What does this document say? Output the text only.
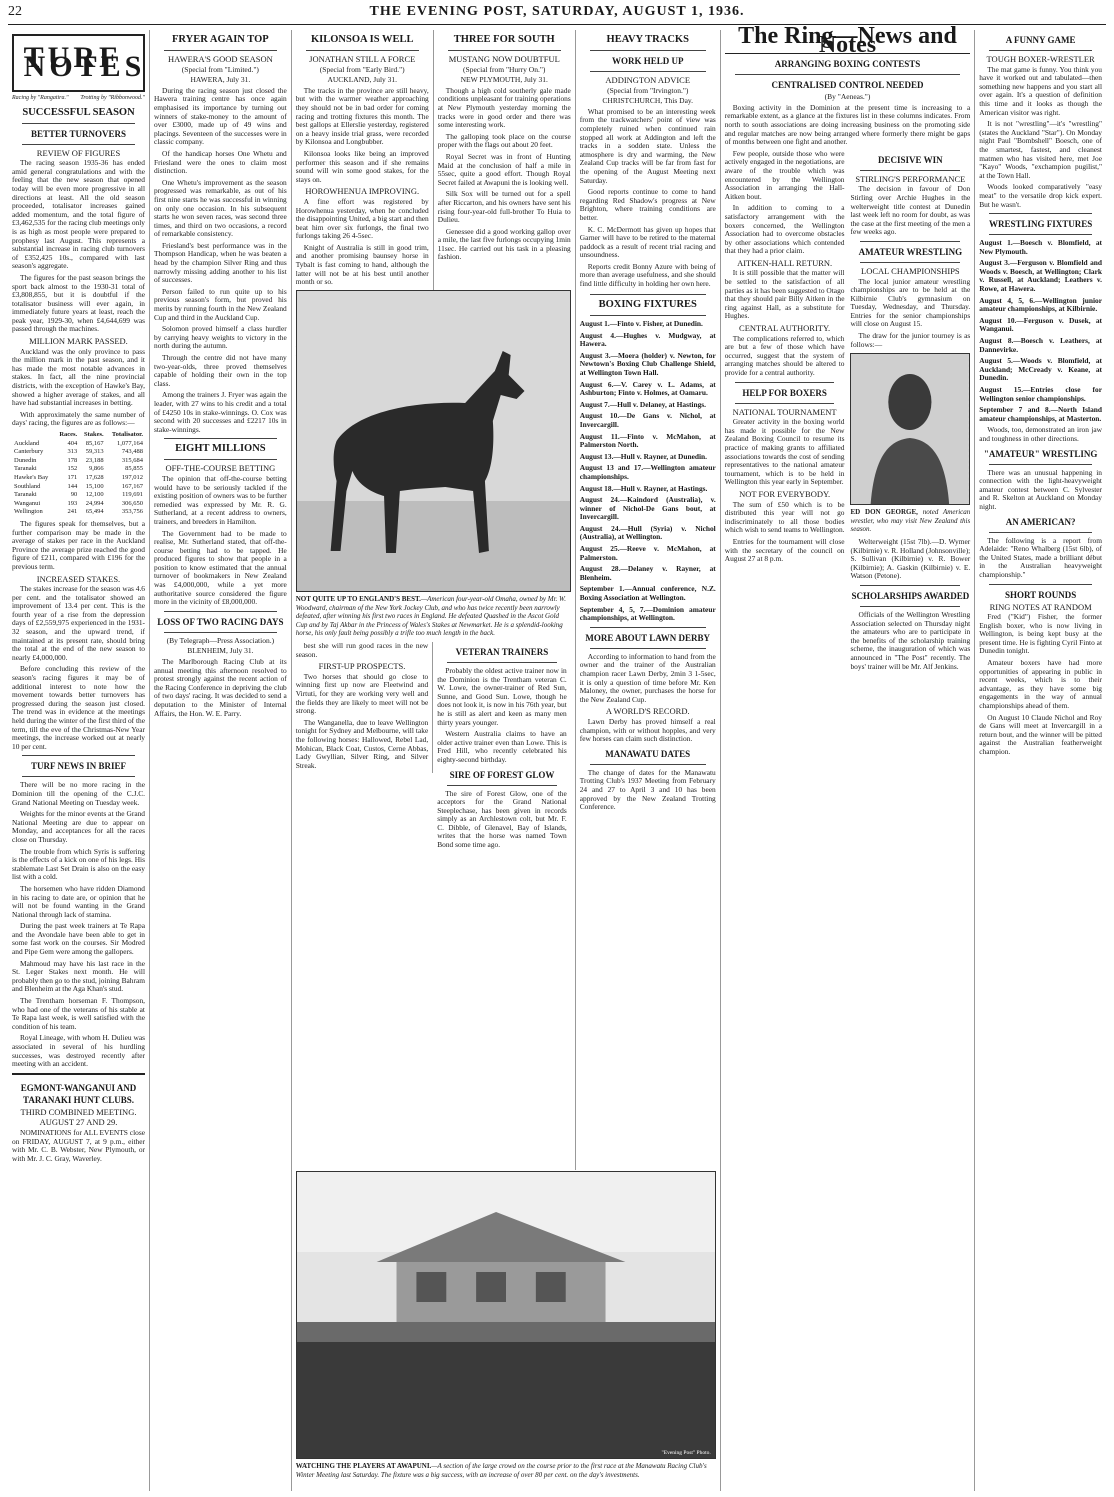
22	THE EVENING POST, SATURDAY, AUGUST 1, 1936.
TURF NOTES
Racing by "Rangatira." Trotting by "Ribbonwood."
SUCCESSFUL SEASON
BETTER TURNOVERS
REVIEW OF FIGURES

The racing season 1935-36 has ended amid general congratulations and with the feeling that the new season that opened today will be even more progressive in all directions at least. All the old season proceeded, totalisator increases gained added momentum, and the total figure of £3,462,535 for the racing club meetings only is as high as most people were prepared to prophesy last August. This represents a substantial increase in racing club turnovers of £352,425 10s., compared with last season's aggregate.

The figures for the past season brings the sport back almost to the 1930-31 total of £3,808,855, but it is doubtful if the totalisator business will ever again, in immediately future years at least, reach the peak year, 1929-30, when £4,644,699 was passed through the machines.

MILLION MARK PASSED.

Auckland was the only province to pass the million mark in the past season, and it has made the most notable advances in stakes. In fact, all the nine provincial districts, with the exception of Hawke's Bay, showed a higher average of stakes, and all have had substantial increases in betting.

With approximately the same number of days' racing, the figures are as follows:—

	Races.	Stakes.	Totalisator.
Auckland	404	85,167	1,077,164
Canterbury	313	59,313	743,488
Dunedin	178	23,188	315,684
Taranaki	152	9,866	85,855
Hawke's Bay	171	17,628	197,012
Southland	144	15,100	167,167
Taranaki	90	12,100	119,691
Wanganui	193	24,994	306,650
Wellington	241	65,494	353,756

The figures speak for themselves, but a further comparison may be made in the average of stakes per race in the Auckland Province the average prize reached the good figure of £211, compared with £196 for the previous term.

INCREASED STAKES.

The stakes increase for the season was 4.6 per cent. and the totalisator showed an improvement of 13.4 per cent. This is the fourth year of a rise from the depression days of £2,559,975 experienced in the 1931-32 season, and the upward trend, if maintained at its present rate, should bring the total at the end of the new season to nearly £4,000,000.

Before concluding this review of the season's racing figures it may be of additional interest to note how the movement towards better turnovers has progressed during the season just closed. The trend was in evidence at the meetings held during the winter of the first third of the term, till the eve of the Christmas-New Year meetings, the increase worked out at nearly 10 per cent.

TURF NEWS IN BRIEF

There will be no more racing in the Dominion till the opening of the C.J.C. Grand National Meeting on Tuesday week.

Weights for the minor events at the Grand National Meeting are due to appear on Monday, and acceptances for all the races close on Thursday.

The trouble from which Syris is suffering is the effects of a kick on one of his legs. His stablemate Last Set Drain is also on the easy list with a cold.

The horsemen who have ridden Diamond in his racing to date are, or opinion that he will not be found wanting in the Grand National through lack of stamina.

During the past week trainers at Te Rapa and the Avondale have been able to get in some fast work on the courses. Sir Modred and Pipe Gem were among the gallopers.

Mahmoud may have his last race in the St. Leger Stakes next month. He will probably then go to the stud, joining Bahram and Blenheim at the Aga Khan's stud.

The Trentham horseman F. Thompson, who had one of the veterans of his stable at Te Rapa last week, is well satisfied with the condition of his team.

Royal Lineage, with whom H. Dulieu was associated in several of his hurdling successes, was destroyed recently after meeting with an accident.

EGMONT-WANGANUI AND TARANAKI HUNT CLUBS.
THIRD COMBINED MEETING.
AUGUST 27 AND 29.

NOMINATIONS for ALL EVENTS close on FRIDAY, AUGUST 7, at 9 p.m., either with Mr. C. B. Webster, New Plymouth, or with Mr. J. C. Gray, Waverley.

FRYER AGAIN TOP
HAWERA'S GOOD SEASON
(Special from "Limited.")
HAWERA, July 31.

During the racing season just closed the Hawera training centre has once again emphasised its importance by turning out winners of stake-money to the amount of over £3000, made up of 49 wins and placings. Seventeen of the successes were in classic company.

Of the handicap horses One Whetu and Friesland were the ones to claim most distinction.

One Whetu's improvement as the season progressed was remarkable, as out of his first nine starts he was successful in winning on only one occasion. In his subsequent starts he won seven races, was second three times, and third on two occasions, a record of remarkable consistency.

Friesland's best performance was in the Thompson Handicap, when he was beaten a head by the champion Silver Ring and thus narrowly missing adding another to his list of successes.

Person failed to run quite up to his previous season's form, but proved his merits by running fourth in the New Zealand Cup and third in the Auckland Cup.

Solomon proved himself a class hurdler by carrying heavy weights to victory in the north during the autumn.

Through the centre did not have many two-year-olds, three proved themselves capable of holding their own in the top class.

Among the trainers J. Fryer was again the leader, with 27 wins to his credit and a total of £4250 10s in stake-winnings. O. Cox was second with 20 successes and £2217 10s in stake-winnings.

EIGHT MILLIONS
OFF-THE-COURSE BETTING

The opinion that off-the-course betting would have to be seriously tackled if the existing position of owners was to be further remedied was expressed by Mr. R. G. Sutherland, at a recent address to owners, trainers, and breeders in Hamilton.

The Government had to be made to realise, Mr. Sutherland stated, that off-the-course betting had to be tapped. He produced figures to show that people in a position to know estimated that the annual turnover of bookmakers in New Zealand was £4,000,000, while a yet more authoritative source considered the figure more in the vicinity of £8,000,000.

LOSS OF TWO RACING DAYS
(By Telegraph—Press Association.)
BLENHEIM, July 31.

The Marlborough Racing Club at its annual meeting this afternoon resolved to protest strongly against the recent action of the Racing Conference in depriving the club of two days' racing. It was decided to send a deputation to the Minister of Internal Affairs, the Hon. W. E. Parry.

KILONSOA IS WELL
JONATHAN STILL A FORCE
(Special from "Early Bird.")
AUCKLAND, July 31.

The tracks in the province are still heavy, but with the warmer weather approaching they should not be in bad order for coming racing and trotting fixtures this month. The best gallops at Ellerslie yesterday, registered on a heavy inside trial grass, were recorded by Kilonsoa and Longbubber.

Kilonsoa looks like being an improved performer this season and if she remains sound will win some good stakes, for the stays on.

HOROWHENUA IMPROVING.

A fine effort was registered by Horowhenua yesterday, when he concluded the disappointing United, a big start and then beat him over six furlongs, the final two furlongs taking 26 4-5sec.

Knight of Australia is still in good trim, and another promising baunsey horse in Tybalt is fast coming to hand, although the latter will not be at his best until another month or so.

THREE FOR SOUTH
MUSTANG NOW DOUBTFUL
(Special from "Hurry On.")
NEW PLYMOUTH, July 31.

Though a high cold southerly gale made conditions unpleasant for training operations at New Plymouth yesterday morning the tracks were in good order and there was some interesting work.

The galloping took place on the course proper with the flags out about 20 feet.

Royal Secret was in front of Hunting Maid at the conclusion of half a mile in 55sec, quite a good effort. Though Royal Secret failed at Awapuni the is looking well.

Silk Sox will be turned out for a spell after Riccarton, and his owners have sent his rising four-year-old full-brother To Huia to Dulieu.

Genessee did a good working gallop over a mile, the last five furlongs occupying 1min 11sec. He carried out his task in a pleasing fashion.

HEAVY TRACKS
WORK HELD UP
ADDINGTON ADVICE
(Special from "Irvington.")
CHRISTCHURCH, This Day.

What promised to be an interesting week from the trackwatchers' point of view was completely ruined when continued rain stopped all work at Addington and left the tracks in a sodden state. Unless the atmosphere is dry and warming, the New Zealand Cup tracks will be far from fast for the opening of the August Meeting next Saturday.

Good reports continue to come to hand regarding Red Shadow's progress at New Brighton, where training conditions are better.

K. C. McDermott has given up hopes that Garner will have to be retired to the maternal paddock as a result of recent trial racing and unsoundness.

Reports credit Bonny Azure with being of more than average usefulness, and she should find little difficulty in holding her own here.

NOT QUITE UP TO ENGLAND'S BEST.—American four-year-old Omaha, owned by Mr. W. Woodward, chairman of the New York Jockey Club, and who has twice recently been narrowly defeated, after winning his first two races in England. He defeated Quashed in the Ascot Gold Cup and by Taj Akbar in the Princess of Wales's Stakes at Newmarket. He is a splendid-looking horse, his only fault being possibly a trifle too much length in the back.

best she will run good races in the new season.

FIRST-UP PROSPECTS.

Two horses that should go close to winning first up now are Fleetwind and Virtuti, for they are working very well and the fields they are likely to meet will not be strong.

The Wanganella, due to leave Wellington tonight for Sydney and Melbourne, will take the following horses: Hallowed, Rebel Lad, Mohican, Black Coat, Custos, Cerne Abbas, Lady Gwyllian, Silver Ring, and Silver Streak.

VETERAN TRAINERS

Probably the oldest active trainer now in the Dominion is the Trentham veteran C. W. Lowe, the owner-trainer of Red Sun, Sunne, and Good Sun. Lowe, though he does not look it, is now in his 76th year, but he is still as alert and keen as many men thirty years younger.

Western Australia claims to have an older active trainer even than Lowe. This is Fred Hill, who recently celebrated his eighty-second birthday.

SIRE OF FOREST GLOW

The sire of Forest Glow, one of the acceptors for the Grand National Steeplechase, has been given in records simply as an Archlestown colt, but Mr. F. C. Dibble, of Glenavel, Bay of Islands, writes that the horse was named Town Bond some time ago.

BOXING FIXTURES

August 1.—Finto v. Fisher, at Dunedin.

August 4.—Hughes v. Mudgway, at Hawera.

August 3.—Moera (holder) v. Newton, for Newtown's Boxing Club Challenge Shield, at Wellington Town Hall.

August 6.—V. Carey v. L. Adams, at Ashburton; Finto v. Holmes, at Oamaru.

August 7.—Hull v. Delaney, at Hastings.

August 10.—De Gans v. Nichol, at Invercargill.

August 11.—Finto v. McMahon, at Palmerston North.

August 13.—Hull v. Rayner, at Dunedin.

August 13 and 17.—Wellington amateur championships.

August 18.—Hull v. Rayner, at Hastings.

August 24.—Kaindord (Australia), v. winner of Nichol-De Gans bout, at Invercargill.

August 24.—Hull (Syria) v. Nichol (Australia), at Wellington.

August 25.—Reeve v. McMahon, at Palmerston.

August 28.—Delaney v. Rayner, at Blenheim.

September 1.—Annual conference, N.Z. Boxing Association at Wellington.

September 4, 5, 7.—Dominion amateur championships, at Wellington.

MORE ABOUT LAWN DERBY

According to information to hand from the owner and the trainer of the Australian champion racer Lawn Derby, 2min 3 1-5sec, it is only a question of time before Mr. Ken Maloney, the owner, purchases the horse for the New Zealand Cup.

A WORLD'S RECORD.

Lawn Derby has proved himself a real champion, with or without hopples, and very few horses can claim such distinction.

MANAWATU DATES

The change of dates for the Manawatu Trotting Club's 1937 Meeting from February 24 and 27 to April 3 and 10 has been approved by the New Zealand Trotting Conference.

"Evening Post" Photo.
WATCHING THE PLAYERS AT AWAPUNI.—A section of the large crowd on the course prior to the first race at the Manawatu Racing Club's Winter Meeting last Saturday. The fixture was a big success, with an increase of over 80 per cent. on the day's investments.
The Ring—News and Notes
ARRANGING BOXING CONTESTS
CENTRALISED CONTROL NEEDED
(By "Aeneas.")

Boxing activity in the Dominion at the present time is increasing to a remarkable extent, as a glance at the fixtures list in these columns indicates. From north to south associations are doing increasing business on the promoting side and regular matches are now being arranged where formerly there might be gaps of months between one fight and another.

Few people, outside those who were actively engaged in the negotiations, are aware of the trouble which was encountered by the Wellington Association in arranging the Hall-Aitken bout.

In addition to coming to a satisfactory arrangement with the boxers concerned, the Wellington Association had to overcome obstacles by other associations which contended that they had a prior claim.

AITKEN-HALL RETURN.

It is still possible that the matter will be settled to the satisfaction of all parties as it has been suggested to Otago that they should pair Billy Aitken in the ring against Hall, as a substitute for Hughes.

CENTRAL AUTHORITY.

The complications referred to, which are but a few of those which have occurred, suggest that the system of arranging matches should be altered to provide for a central authority.

HELP FOR BOXERS
NATIONAL TOURNAMENT

Greater activity in the boxing world has made it possible for the New Zealand Boxing Council to resume its practice of making grants to affiliated associations towards the cost of sending representatives to the national amateur tournament, which is to be held in Wellington this year early in September.

NOT FOR EVERYBODY.

The sum of £50 which is to be distributed this year will not go indiscriminately to all those bodies which wish to send teams to Wellington.

Entries for the tournament will close with the secretary of the council on August 27 at 8 p.m.

DECISIVE WIN
STIRLING'S PERFORMANCE

The decision in favour of Don Stirling over Archie Hughes in the welterweight title contest at Dunedin last week left no room for doubt, as was the case at the first meeting of the men a few weeks ago.

AMATEUR WRESTLING
LOCAL CHAMPIONSHIPS

The local junior amateur wrestling championships are to be held at the Kilbirnie Club's gymnasium on Tuesday, Wednesday, and Thursday. Entries for the senior championships will close on August 15.

The draw for the junior tourney is as follows:—

ED DON GEORGE, noted American wrestler, who may visit New Zealand this season.

Welterweight (15st 7lb).—D. Wymer (Kilbirnie) v. R. Holland (Johnsonville); S. Sullivan (Kilbirnie) v. R. Bower (Kilbirnie); A. Gaskin (Kilbirnie) v. E. Watson (Petone).

SCHOLARSHIPS AWARDED

Officials of the Wellington Wrestling Association selected on Thursday night the amateurs who are to participate in the benefits of the scholarship training scheme, the inauguration of which was announced in "The Post" recently. The boys' trainer will be Mr. Alf Jenkins.

A FUNNY GAME
TOUGH BOXER-WRESTLER

The mat game is funny. You think you have it worked out and tabulated—then something new happens and you start all over again. It's a question of definition this time and it looks as though the American visitor was right.

It is not "wrestling"—it's "wrestling" (states the Auckland "Star"). On Monday night Paul "Bombshell" Boesch, one of the smartest, fastest, and cleanest matmen who has visited here, met Joe "Kayo" Woods, "exchampion pugilist," at the Town Hall.

Woods looked comparatively "easy meat" to the versatile drop kick expert. But he wasn't.

WRESTLING FIXTURES

August 1.—Boesch v. Blomfield, at New Plymouth.

August 3.—Ferguson v. Blomfield and Woods v. Boesch, at Wellington; Clark v. Russell, at Auckland; Leathers v. Rowe, at Hawera.

August 4, 5, 6.—Wellington junior amateur championships, at Kilbirnie.

August 10.—Ferguson v. Dusek, at Wanganui.

August 8.—Boesch v. Leathers, at Dannevirke.

August 5.—Woods v. Blomfield, at Auckland; McCready v. Keane, at Dunedin.

August 15.—Entries close for Wellington senior championships.

September 7 and 8.—North Island amateur championships, at Masterton.

Woods, too, demonstrated an iron jaw and toughness in other directions.

"AMATEUR" WRESTLING

There was an unusual happening in connection with the light-heavyweight amateur contest between C. Sylvester and R. Skelton at Auckland on Monday night.

AN AMERICAN?

The following is a report from Adelaide: "Reno Whalberg (15st 6lb), of the United States, made a brilliant début in the Australian heavyweight championship."

SHORT ROUNDS
RING NOTES AT RANDOM

Fred ("Kid") Fisher, the former English boxer, who is now living in Wellington, is being kept busy at the present time. He is fighting Cyril Finto at Dunedin tonight.

Amateur boxers have had more opportunities of appearing in public in recent weeks, which is to their advantage, as they have some big engagements in the way of annual championships ahead of them.

On August 10 Claude Nichol and Roy de Gans will meet at Invercargill in a return bout, and the winner will be pitted against the Australian featherweight champion.
